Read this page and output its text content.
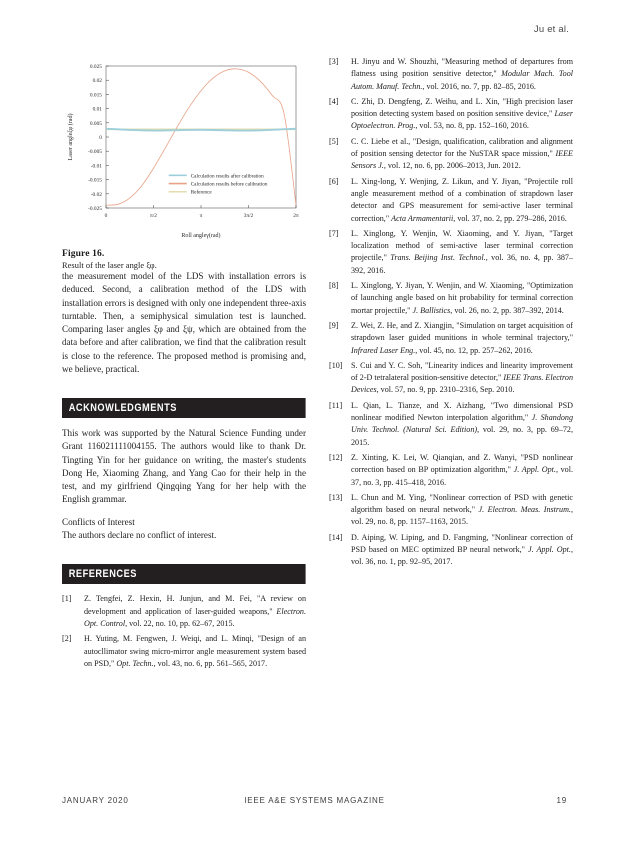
Ju et al.
0.025
0.02
0.015
0.01
0.005
0
-0.005
-0.01
-0.015
-0.02
-0.025
0	π/2	π	3π/2	2π
Roll angleγ(rad)
Laser angleξφ (rad)
Calculation results after calibration
Calculation results before calibration
Reference
Figure 16.
Result of the laser angle ξφ.

the measurement model of the LDS with installation errors is deduced. Second, a calibration method of the LDS with installation errors is designed with only one independent three-axis turntable. Then, a semiphysical simulation test is launched. Comparing laser angles ξφ and ξψ, which are obtained from the data before and after calibration, we find that the calibration result is close to the reference. The proposed method is promising and, we believe, practical.

ACKNOWLEDGMENTS

This work was supported by the Natural Science Funding under Grant 116021111004155. The authors would like to thank Dr. Tingting Yin for her guidance on writing, the master's students Dong He, Xiaoming Zhang, and Yang Cao for their help in the test, and my girlfriend Qingqing Yang for her help with the English grammar.

Conflicts of Interest

The authors declare no conflict of interest.

REFERENCES
[1]	Z. Tengfei, Z. Hexin, H. Junjun, and M. Fei, "A review on development and application of laser-guided weapons," Electron. Opt. Control, vol. 22, no. 10, pp. 62–67, 2015.
[2]	H. Yuting, M. Fengwen, J. Weiqi, and L. Minqi, "Design of an autocllimator swing micro-mirror angle measurement system based on PSD," Opt. Techn., vol. 43, no. 6, pp. 561–565, 2017.
[3]	H. Jinyu and W. Shouzhi, "Measuring method of departures from flatness using position sensitive detector," Modular Mach. Tool Autom. Manuf. Techn., vol. 2016, no. 7, pp. 82–85, 2016.
[4]	C. Zhi, D. Dengfeng, Z. Weihu, and L. Xin, "High precision laser position detecting system based on position sensitive device," Laser Optoelectron. Prog., vol. 53, no. 8, pp. 152–160, 2016.
[5]	C. C. Liebe et al., "Design, qualification, calibration and alignment of position sensing detector for the NuSTAR space mission," IEEE Sensors J., vol. 12, no. 6, pp. 2006–2013, Jun. 2012.
[6]	L. Xing-long, Y. Wenjing, Z. Likun, and Y. Jiyan, "Projectile roll angle measurement method of a combination of strapdown laser detector and GPS measurement for semi-active laser terminal correction," Acta Armamentarii, vol. 37, no. 2, pp. 279–286, 2016.
[7]	L. Xinglong, Y. Wenjin, W. Xiaoming, and Y. Jiyan, "Target localization method of semi-active laser terminal correction projectile," Trans. Beijing Inst. Technol., vol. 36, no. 4, pp. 387–392, 2016.
[8]	L. Xinglong, Y. Jiyan, Y. Wenjin, and W. Xiaoming, "Optimization of launching angle based on hit probability for terminal correction mortar projectile," J. Ballistics, vol. 26, no. 2, pp. 387–392, 2014.
[9]	Z. Wei, Z. He, and Z. Xiangjin, "Simulation on target acquisition of strapdown laser guided munitions in whole terminal trajectory," Infrared Laser Eng., vol. 45, no. 12, pp. 257–262, 2016.
[10]	S. Cui and Y. C. Soh, "Linearity indices and linearity improvement of 2-D tetralateral position-sensitive detector," IEEE Trans. Electron Devices, vol. 57, no. 9, pp. 2310–2316, Sep. 2010.
[11]	L. Qian, L. Tianze, and X. Aizhang, "Two dimensional PSD nonlinear modified Newton interpolation algorithm," J. Shandong Univ. Technol. (Natural Sci. Edition), vol. 29, no. 3, pp. 69–72, 2015.
[12]	Z. Xinting, K. Lei, W. Qianqian, and Z. Wanyi, "PSD nonlinear correction based on BP optimization algorithm," J. Appl. Opt., vol. 37, no. 3, pp. 415–418, 2016.
[13]	L. Chun and M. Ying, "Nonlinear correction of PSD with genetic algorithm based on neural network," J. Electron. Meas. Instrum., vol. 29, no. 8, pp. 1157–1163, 2015.
[14]	D. Aiping, W. Liping, and D. Fangming, "Nonlinear correction of PSD based on MEC optimized BP neural network," J. Appl. Opt., vol. 36, no. 1, pp. 92–95, 2017.
JANUARY 2020	IEEE A&E SYSTEMS MAGAZINE	19
